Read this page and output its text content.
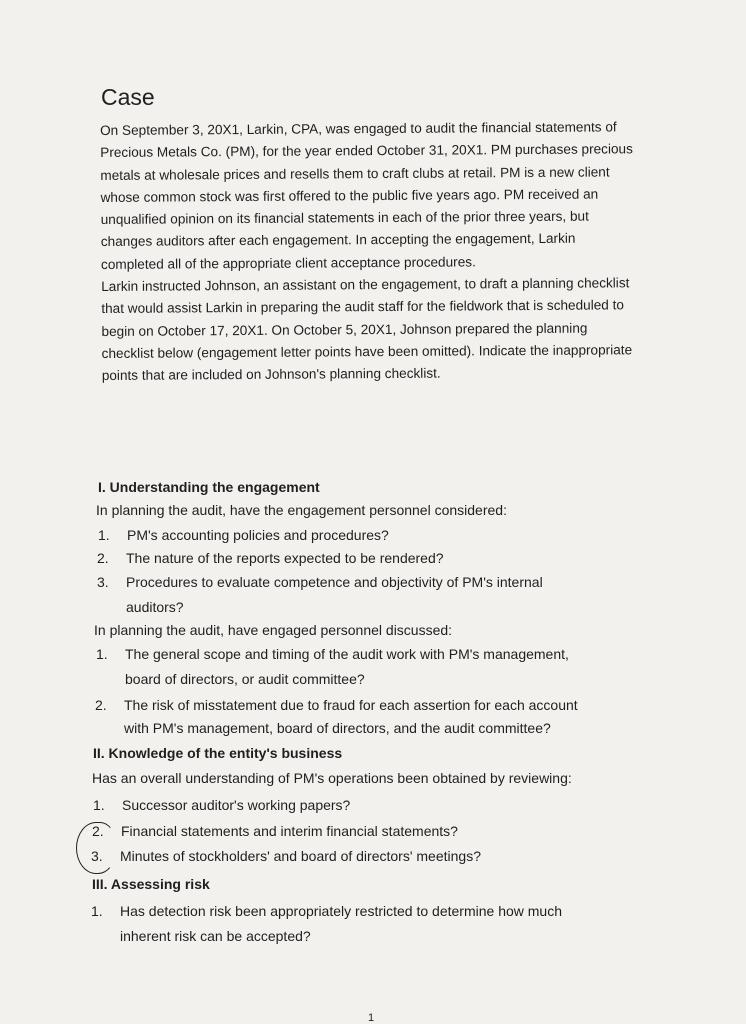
Case

On September 3, 20X1, Larkin, CPA, was engaged to audit the financial statements of Precious Metals Co. (PM), for the year ended October 31, 20X1. PM purchases precious metals at wholesale prices and resells them to craft clubs at retail. PM is a new client whose common stock was first offered to the public five years ago. PM received an unqualified opinion on its financial statements in each of the prior three years, but changes auditors after each engagement. In accepting the engagement, Larkin completed all of the appropriate client acceptance procedures.

Larkin instructed Johnson, an assistant on the engagement, to draft a planning checklist that would assist Larkin in preparing the audit staff for the fieldwork that is scheduled to begin on October 17, 20X1. On October 5, 20X1, Johnson prepared the planning checklist below (engagement letter points have been omitted). Indicate the inappropriate points that are included on Johnson's planning checklist.

I. Understanding the engagement
In planning the audit, have the engagement personnel considered:
1. PM's accounting policies and procedures?
2. The nature of the reports expected to be rendered?
3. Procedures to evaluate competence and objectivity of PM's internal
auditors?
In planning the audit, have engaged personnel discussed:
1. The general scope and timing of the audit work with PM's management,
board of directors, or audit committee?
2. The risk of misstatement due to fraud for each assertion for each account
with PM's management, board of directors, and the audit committee?
II. Knowledge of the entity's business
Has an overall understanding of PM's operations been obtained by reviewing:
1. Successor auditor's working papers?
2. Financial statements and interim financial statements?
3. Minutes of stockholders' and board of directors' meetings?
III. Assessing risk
1. Has detection risk been appropriately restricted to determine how much
inherent risk can be accepted?
1
